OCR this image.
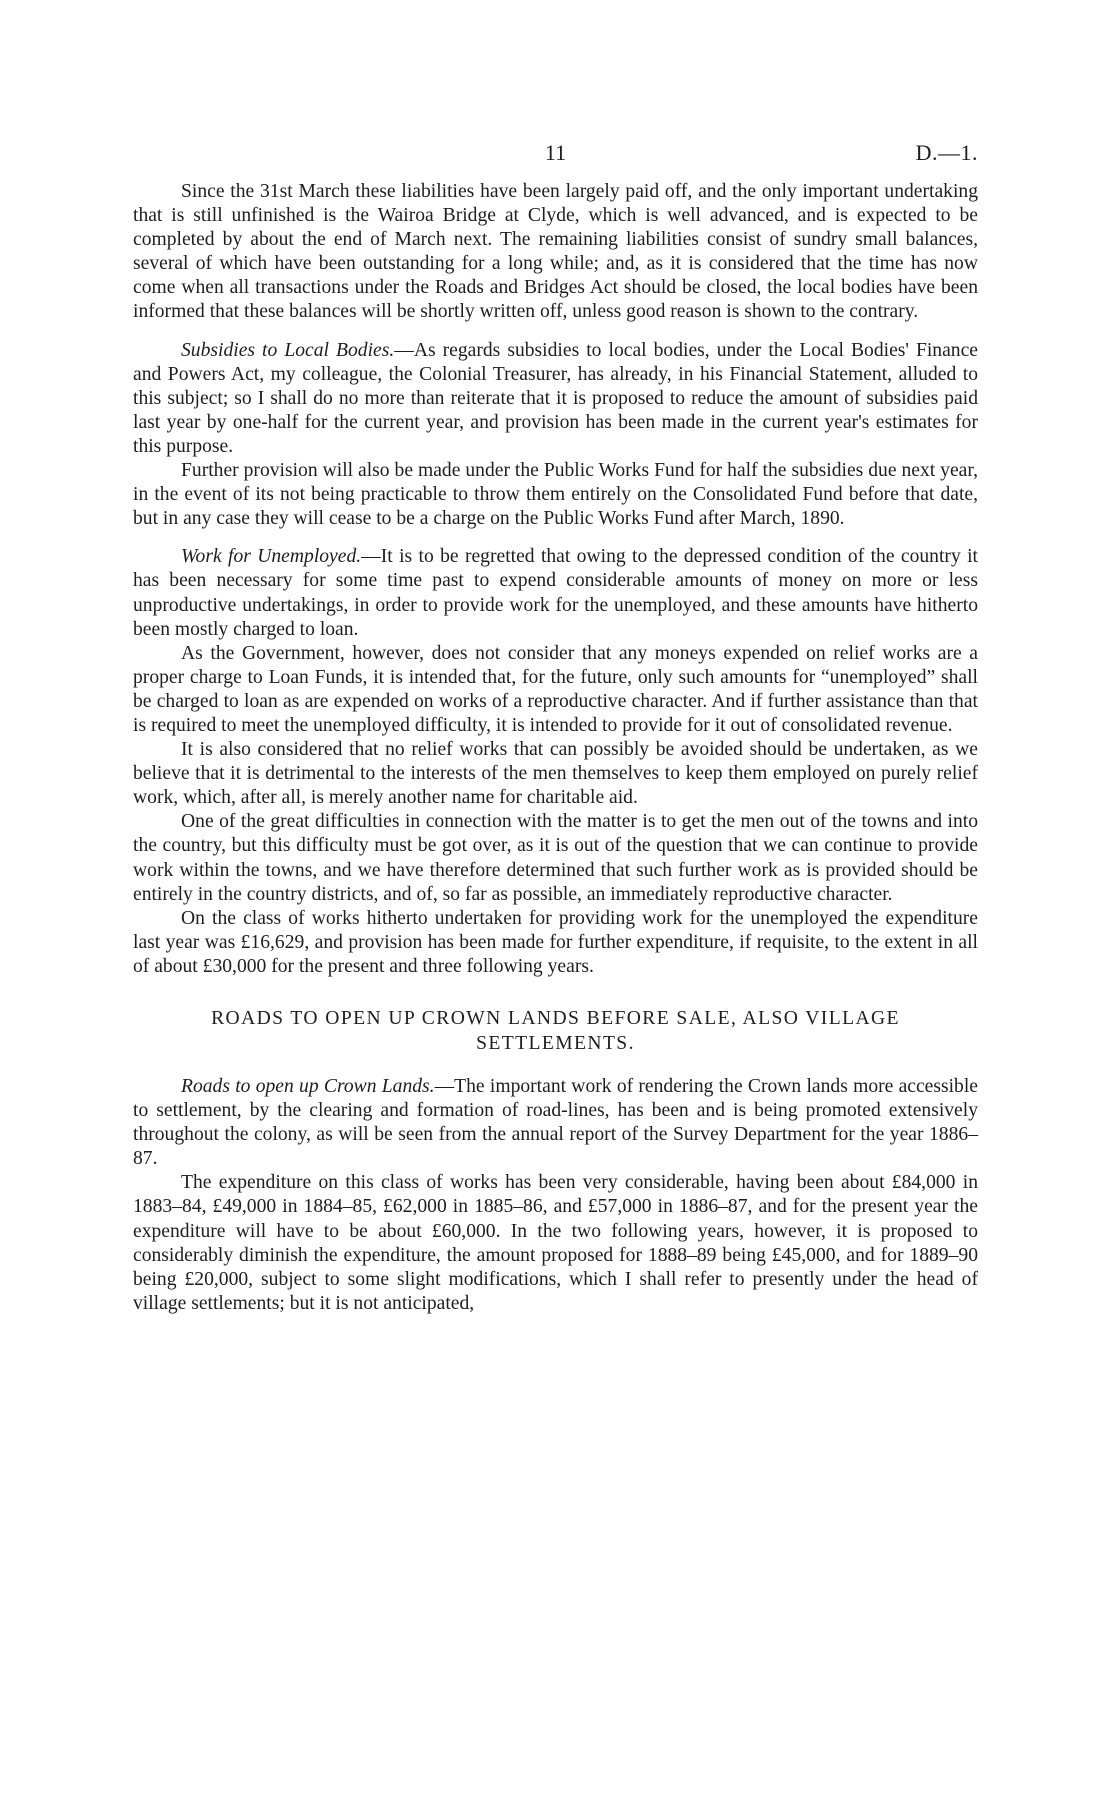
11	D.—1.

Since the 31st March these liabilities have been largely paid off, and the only important undertaking that is still unfinished is the Wairoa Bridge at Clyde, which is well advanced, and is expected to be completed by about the end of March next. The remaining liabilities consist of sundry small balances, several of which have been outstanding for a long while; and, as it is considered that the time has now come when all transactions under the Roads and Bridges Act should be closed, the local bodies have been informed that these balances will be shortly written off, unless good reason is shown to the contrary.

Subsidies to Local Bodies.—As regards subsidies to local bodies, under the Local Bodies' Finance and Powers Act, my colleague, the Colonial Treasurer, has already, in his Financial Statement, alluded to this subject; so I shall do no more than reiterate that it is proposed to reduce the amount of subsidies paid last year by one-half for the current year, and provision has been made in the current year's estimates for this purpose.

Further provision will also be made under the Public Works Fund for half the subsidies due next year, in the event of its not being practicable to throw them entirely on the Consolidated Fund before that date, but in any case they will cease to be a charge on the Public Works Fund after March, 1890.

Work for Unemployed.—It is to be regretted that owing to the depressed condition of the country it has been necessary for some time past to expend considerable amounts of money on more or less unproductive undertakings, in order to provide work for the unemployed, and these amounts have hitherto been mostly charged to loan.

As the Government, however, does not consider that any moneys expended on relief works are a proper charge to Loan Funds, it is intended that, for the future, only such amounts for “unemployed” shall be charged to loan as are expended on works of a reproductive character. And if further assistance than that is required to meet the unemployed difficulty, it is intended to provide for it out of consolidated revenue.

It is also considered that no relief works that can possibly be avoided should be undertaken, as we believe that it is detrimental to the interests of the men themselves to keep them employed on purely relief work, which, after all, is merely another name for charitable aid.

One of the great difficulties in connection with the matter is to get the men out of the towns and into the country, but this difficulty must be got over, as it is out of the question that we can continue to provide work within the towns, and we have therefore determined that such further work as is provided should be entirely in the country districts, and of, so far as possible, an immediately reproductive character.

On the class of works hitherto undertaken for providing work for the unemployed the expenditure last year was £16,629, and provision has been made for further expenditure, if requisite, to the extent in all of about £30,000 for the present and three following years.

ROADS TO OPEN UP CROWN LANDS BEFORE SALE, ALSO VILLAGE SETTLEMENTS.

Roads to open up Crown Lands.—The important work of rendering the Crown lands more accessible to settlement, by the clearing and formation of road-lines, has been and is being promoted extensively throughout the colony, as will be seen from the annual report of the Survey Department for the year 1886–87.

The expenditure on this class of works has been very considerable, having been about £84,000 in 1883–84, £49,000 in 1884–85, £62,000 in 1885–86, and £57,000 in 1886–87, and for the present year the expenditure will have to be about £60,000. In the two following years, however, it is proposed to considerably diminish the expenditure, the amount proposed for 1888–89 being £45,000, and for 1889–90 being £20,000, subject to some slight modifications, which I shall refer to presently under the head of village settlements; but it is not anticipated,
